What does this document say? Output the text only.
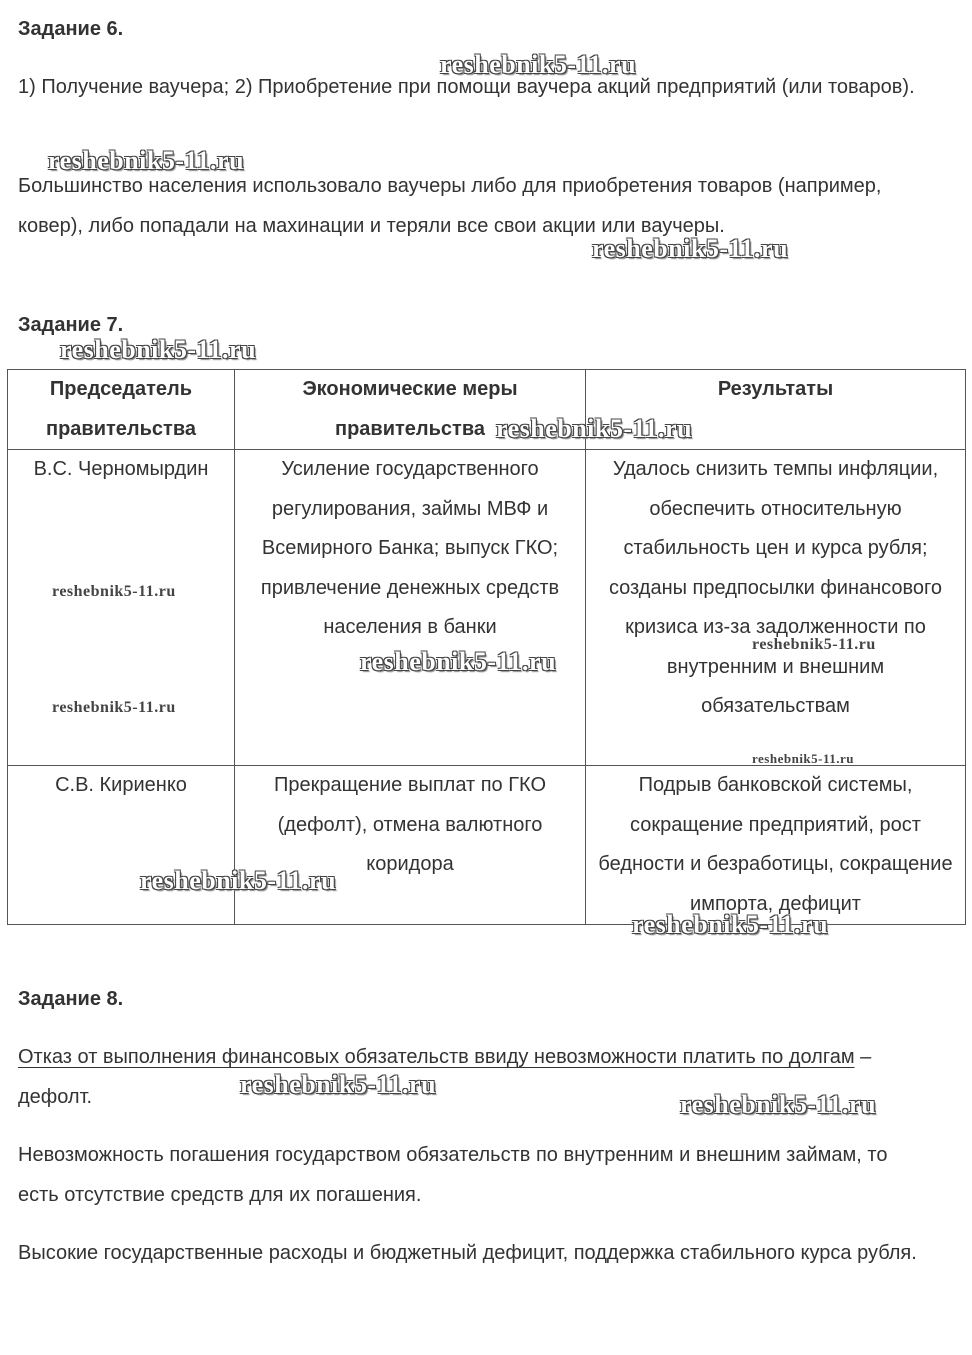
Задание 6.

1) Получение ваучера; 2) Приобретение при помощи ваучера акций предприятий (или товаров).

Большинство населения использовало ваучеры либо для приобретения товаров (например, ковер), либо попадали на махинации и теряли все свои акции или ваучеры.

Задание 7.
Председатель правительства	Экономические меры правительства	Результаты
В.С. Черномырдин	Усиление государственного регулирования, займы МВФ и Всемирного Банка; выпуск ГКО; привлечение денежных средств населения в банки	Удалось снизить темпы инфляции, обеспечить относительную стабильность цен и курса рубля; созданы предпосылки финансового кризиса из-за задолженности по внутренним и внешним обязательствам
С.В. Кириенко	Прекращение выплат по ГКО (дефолт), отмена валютного коридора	Подрыв банковской системы, сокращение предприятий, рост бедности и безработицы, сокращение импорта, дефицит
Задание 8.

Отказ от выполнения финансовых обязательств ввиду невозможности платить по долгам – дефолт.

Невозможность погашения государством обязательств по внутренним и внешним займам, то есть отсутствие средств для их погашения.

Высокие государственные расходы и бюджетный дефицит, поддержка стабильного курса рубля.

reshebnik5-11.ru
reshebnik5-11.ru
reshebnik5-11.ru
reshebnik5-11.ru
reshebnik5-11.ru
reshebnik5-11.ru
reshebnik5-11.ru
reshebnik5-11.ru
reshebnik5-11.ru
reshebnik5-11.ru
reshebnik5-11.ru
reshebnik5-11.ru
reshebnik5-11.ru
reshebnik5-11.ru
